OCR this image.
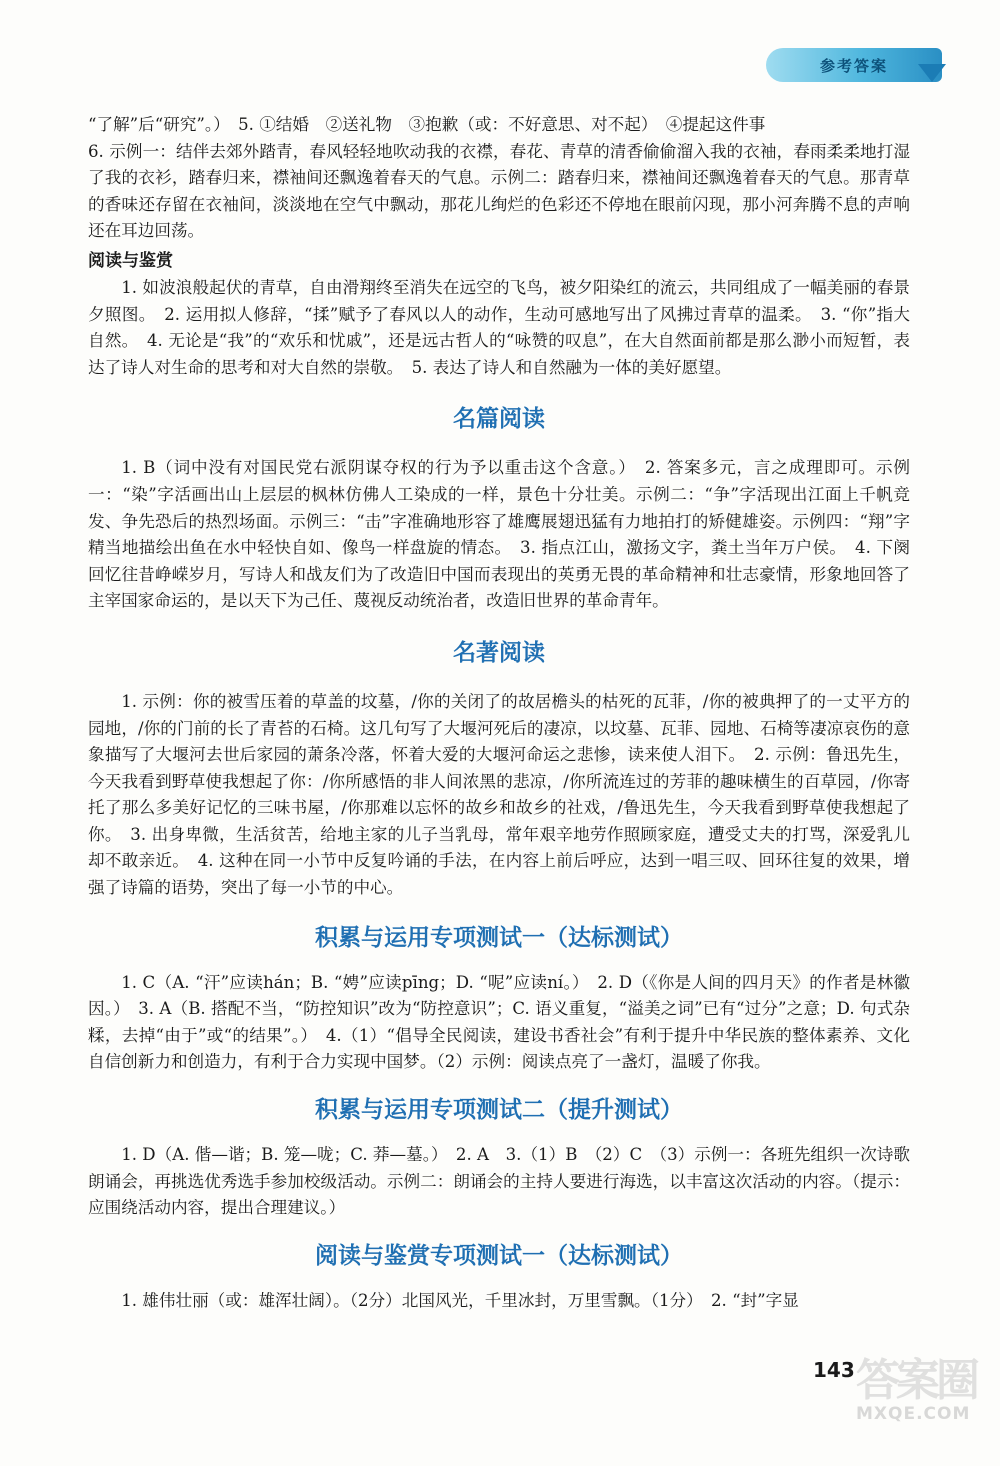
参考答案

“了解”后“研究”。）　5. ①结婚　②送礼物　③抱歉（或：不好意思、对不起）　④提起这件事

6. 示例一：结伴去郊外踏青，春风轻轻地吹动我的衣襟，春花、青草的清香偷偷溜入我的衣袖，春雨柔柔地打湿了我的衣衫，踏春归来，襟袖间还飘逸着春天的气息。示例二：踏春归来，襟袖间还飘逸着春天的气息。那青草的香味还存留在衣袖间，淡淡地在空气中飘动，那花儿绚烂的色彩还不停地在眼前闪现，那小河奔腾不息的声响还在耳边回荡。

阅读与鉴赏

1. 如波浪般起伏的青草，自由滑翔终至消失在远空的飞鸟，被夕阳染红的流云，共同组成了一幅美丽的春景夕照图。　2. 运用拟人修辞，“揉”赋予了春风以人的动作，生动可感地写出了风拂过青草的温柔。　3. “你”指大自然。　4. 无论是“我”的“欢乐和忧戚”，还是远古哲人的“咏赞的叹息”，在大自然面前都是那么渺小而短暂，表达了诗人对生命的思考和对大自然的崇敬。　5. 表达了诗人和自然融为一体的美好愿望。

名篇阅读

1. B（词中没有对国民党右派阴谋夺权的行为予以重击这个含意。）　2. 答案多元，言之成理即可。示例一：“染”字活画出山上层层的枫林仿佛人工染成的一样，景色十分壮美。示例二：“争”字活现出江面上千帆竞发、争先恐后的热烈场面。示例三：“击”字准确地形容了雄鹰展翅迅猛有力地拍打的矫健雄姿。示例四：“翔”字精当地描绘出鱼在水中轻快自如、像鸟一样盘旋的情态。　3. 指点江山，激扬文字，粪土当年万户侯。　4. 下阕回忆往昔峥嵘岁月，写诗人和战友们为了改造旧中国而表现出的英勇无畏的革命精神和壮志豪情，形象地回答了主宰国家命运的，是以天下为己任、蔑视反动统治者，改造旧世界的革命青年。

名著阅读

1. 示例：你的被雪压着的草盖的坟墓，/你的关闭了的故居檐头的枯死的瓦菲，/你的被典押了的一丈平方的园地，/你的门前的长了青苔的石椅。这几句写了大堰河死后的凄凉，以坟墓、瓦菲、园地、石椅等凄凉哀伤的意象描写了大堰河去世后家园的萧条冷落，怀着大爱的大堰河命运之悲惨，读来使人泪下。　2. 示例：鲁迅先生，今天我看到野草使我想起了你：/你所感悟的非人间浓黑的悲凉，/你所流连过的芳菲的趣味横生的百草园，/你寄托了那么多美好记忆的三味书屋，/你那难以忘怀的故乡和故乡的社戏，/鲁迅先生，今天我看到野草使我想起了你。　3. 出身卑微，生活贫苦，给地主家的儿子当乳母，常年艰辛地劳作照顾家庭，遭受丈夫的打骂，深爱乳儿却不敢亲近。　4. 这种在同一小节中反复吟诵的手法，在内容上前后呼应，达到一唱三叹、回环往复的效果，增强了诗篇的语势，突出了每一小节的中心。

积累与运用专项测试一（达标测试）

1. C（A. “汗”应读hán；B. “娉”应读pīng；D. “呢”应读ní。）　2. D（《你是人间的四月天》的作者是林徽因。）　3. A（B. 搭配不当，“防控知识”改为“防控意识”；C. 语义重复，“溢美之词”已有“过分”之意；D. 句式杂糅，去掉“由于”或“的结果”。）　4.（1）“倡导全民阅读，建设书香社会”有利于提升中华民族的整体素养、文化自信创新力和创造力，有利于合力实现中国梦。（2）示例：阅读点亮了一盏灯，温暖了你我。

积累与运用专项测试二（提升测试）

1. D（A. 偕—谐；B. 笼—咙；C. 莽—墓。）　2. A　3.（1）B　（2）C　（3）示例一：各班先组织一次诗歌朗诵会，再挑选优秀选手参加校级活动。示例二：朗诵会的主持人要进行海选，以丰富这次活动的内容。（提示：应围绕活动内容，提出合理建议。）

阅读与鉴赏专项测试一（达标测试）

1. 雄伟壮丽（或：雄浑壮阔）。（2分）北国风光，千里冰封，万里雪飘。（1分）　2. “封”字显

143 答案圈
MXQE.COM
